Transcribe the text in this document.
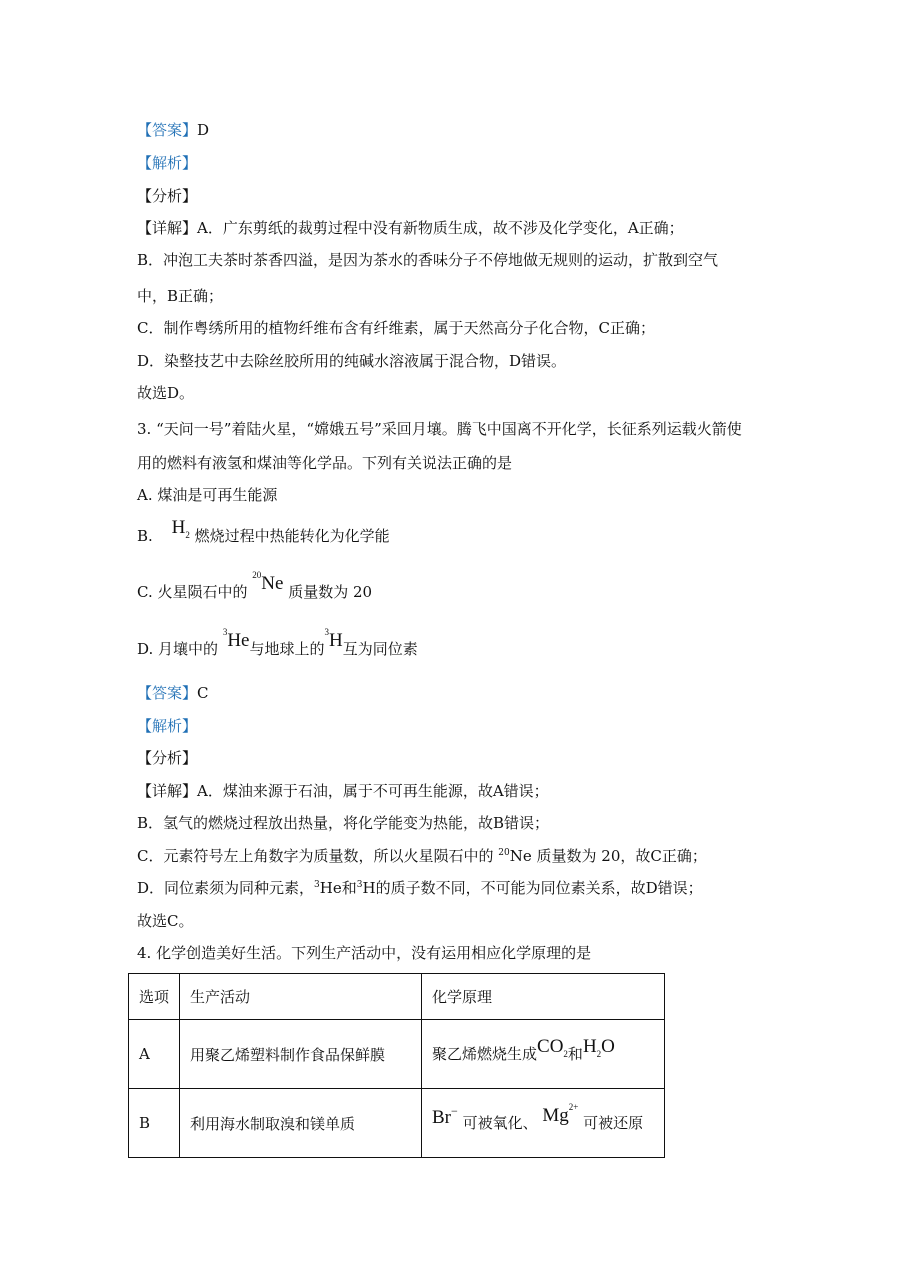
【答案】D
【解析】
【分析】
【详解】A．广东剪纸的裁剪过程中没有新物质生成，故不涉及化学变化，A正确；
B．冲泡工夫茶时茶香四溢，是因为茶水的香味分子不停地做无规则的运动，扩散到空气
中，B正确；
C．制作粤绣所用的植物纤维布含有纤维素，属于天然高分子化合物，C正确；
D．染整技艺中去除丝胶所用的纯碱水溶液属于混合物，D错误。
故选D。
3. “天问一号”着陆火星，“嫦娥五号”采回月壤。腾飞中国离不开化学，长征系列运载火箭使
用的燃料有液氢和煤油等化学品。下列有关说法正确的是
A. 煤油是可再生能源
B. $H_2$ 燃烧过程中热能转化为化学能
C. 火星陨石中的 $^{20}$Ne 质量数为 20
D. 月壤中的 $^3$He与地球上的$^3$H互为同位素
【答案】C
【解析】
【分析】
【详解】A．煤油来源于石油，属于不可再生能源，故A错误；
B．氢气的燃烧过程放出热量，将化学能变为热能，故B错误；
C．元素符号左上角数字为质量数，所以火星陨石中的 $^{20}$Ne 质量数为 20，故C正确；
D．同位素须为同种元素，$^3$He和$^3$H的质子数不同，不可能为同位素关系，故D错误；
故选C。
4. 化学创造美好生活。下列生产活动中，没有运用相应化学原理的是
选项	生产活动	化学原理
A	用聚乙烯塑料制作食品保鲜膜	聚乙烯燃烧生成$CO_2$和$H_2O$
B	利用海水制取溴和镁单质	Br− 可被氧化、 $Mg^{2+}$ 可被还原
